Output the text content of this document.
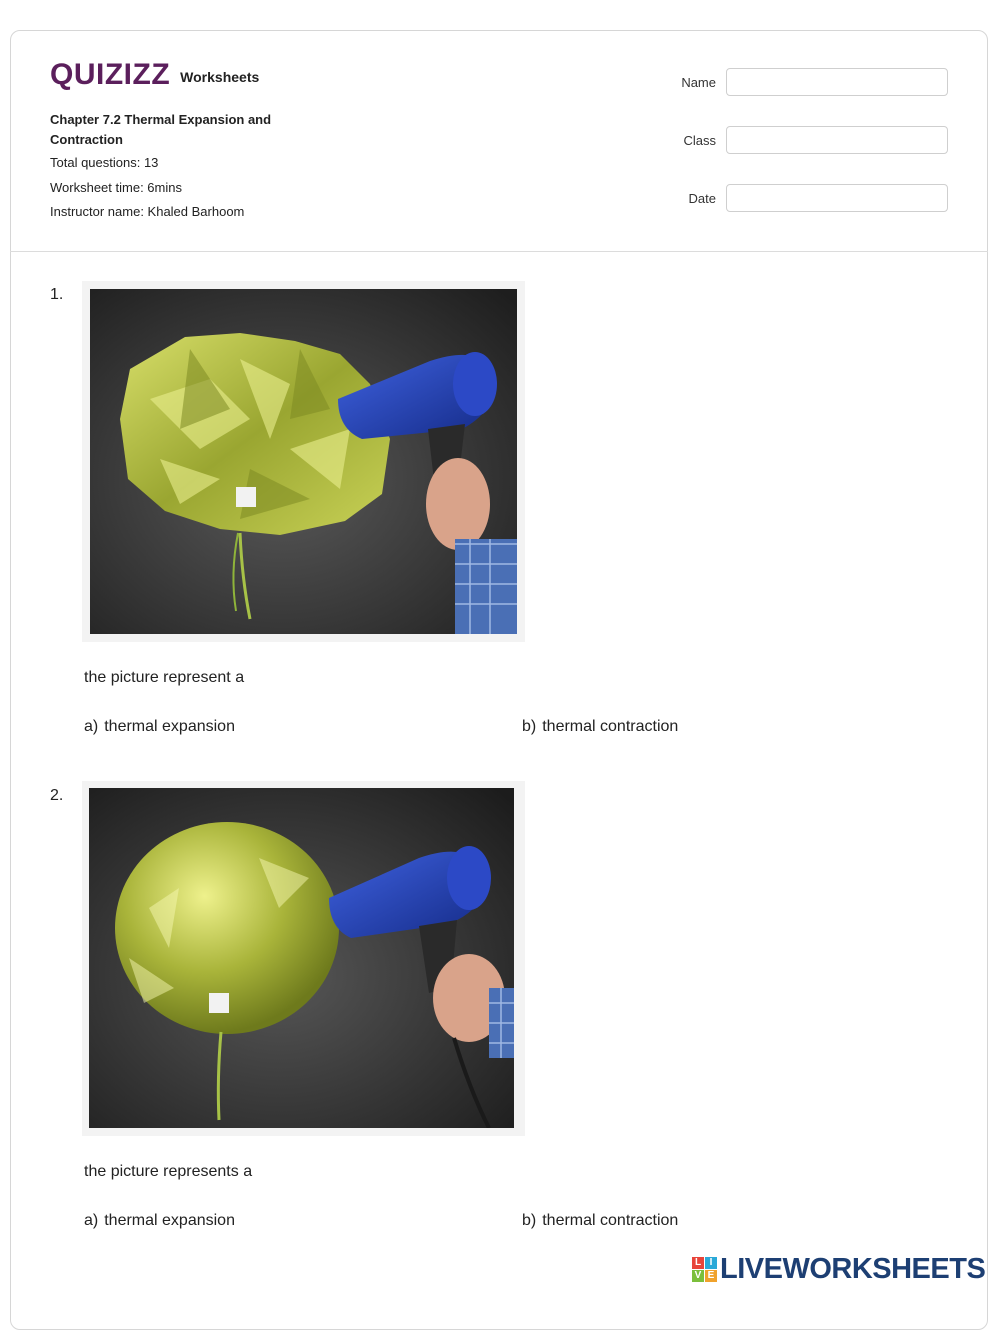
QUIZIZZ Worksheets
Chapter 7.2 Thermal Expansion and Contraction
Total questions: 13
Worksheet time: 6mins
Instructor name: Khaled Barhoom
Name
Class
Date
1.
the picture represent a
a) thermal expansion	b) thermal contraction
2.
the picture represents a
a) thermal expansion	b) thermal contraction
L I
V E LIVEWORKSHEETS
